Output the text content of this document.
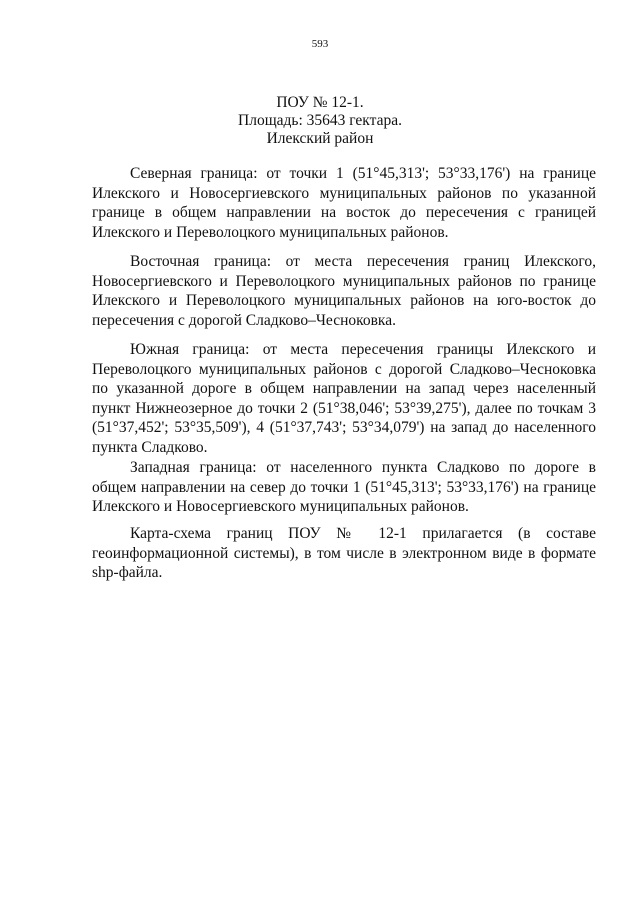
593
ПОУ № 12-1.
Площадь: 35643 гектара.
Илекский район

Северная граница: от точки 1 (51°45,313'; 53°33,176') на границе Илекского и Новосергиевского муниципальных районов по указанной границе в общем направлении на восток до пересечения с границей Илекского и Переволоцкого муниципальных районов.

Восточная граница: от места пересечения границ Илекского, Новосергиевского и Переволоцкого муниципальных районов по границе Илекского и Переволоцкого муниципальных районов на юго-восток до пересечения с дорогой Сладково–Чесноковка.

Южная граница: от места пересечения границы Илекского и Переволоцкого муниципальных районов с дорогой Сладково–Чесноковка по указанной дороге в общем направлении на запад через населенный пункт Нижнеозерное до точки 2 (51°38,046'; 53°39,275'), далее по точкам 3 (51°37,452'; 53°35,509'), 4 (51°37,743'; 53°34,079') на запад до населенного пункта Сладково.

Западная граница: от населенного пункта Сладково по дороге в общем направлении на север до точки 1 (51°45,313'; 53°33,176') на границе Илекского и Новосергиевского муниципальных районов.

Карта-схема границ ПОУ № 12-1 прилагается (в составе геоинформационной системы), в том числе в электронном виде в формате shp-файла.
